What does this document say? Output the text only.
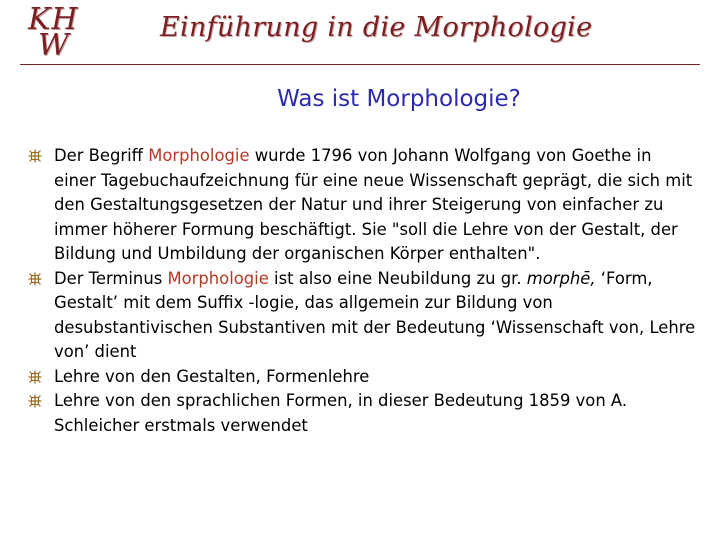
KH
W
Einführung in die Morphologie
Was ist Morphologie?
Der Begriff Morphologie wurde 1796 von Johann Wolfgang von Goethe in einer Tagebuchaufzeichnung für eine neue Wissenschaft geprägt, die sich mit den Gestaltungsgesetzen der Natur und ihrer Steigerung von einfacher zu immer höherer Formung beschäftigt. Sie "soll die Lehre von der Gestalt, der Bildung und Umbildung der organischen Körper enthalten".
Der Terminus Morphologie ist also eine Neubildung zu gr. morphē, ‘Form, Gestalt’ mit dem Suffix -logie, das allgemein zur Bildung von desubstantivischen Substantiven mit der Bedeutung ‘Wissenschaft von, Lehre von’ dient
Lehre von den Gestalten, Formenlehre
Lehre von den sprachlichen Formen, in dieser Bedeutung 1859 von A. Schleicher erstmals verwendet
